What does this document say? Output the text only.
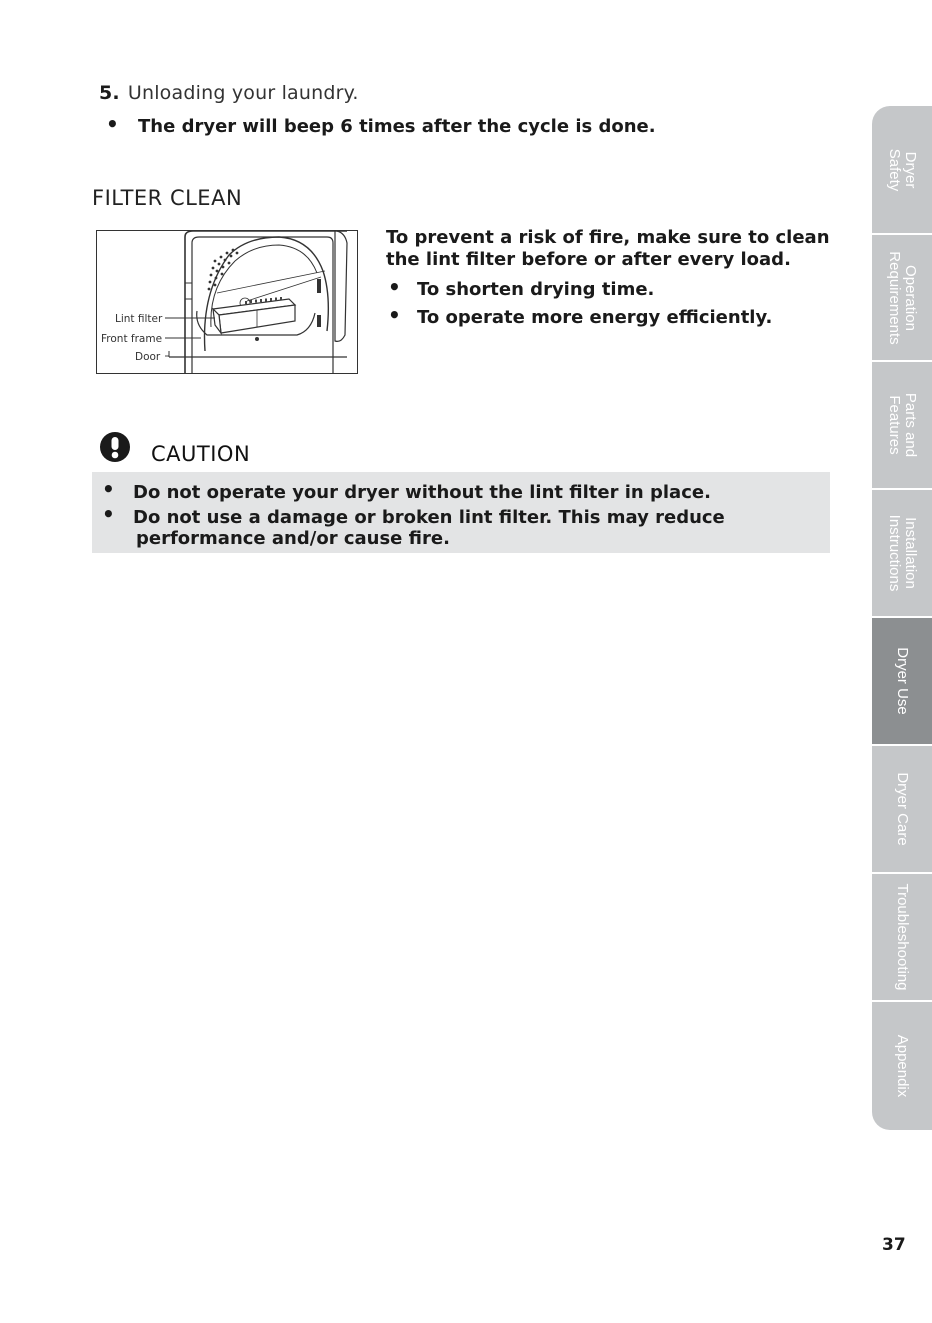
5. Unloading your laundry.
• The dryer will beep 6 times after the cycle is done.
FILTER CLEAN
Lint filter
Front frame
Door
To prevent a risk of fire, make sure to clean
the lint filter before or after every load.
• To shorten drying time.
• To operate more energy efficiently.
CAUTION
• Do not operate your dryer without the lint filter in place.
• Do not use a damage or broken lint filter. This may reduce
performance and/or cause fire.
Dryer
Safety
Operation
Requirements
Parts and
Features
Installation
Instructions
Dryer Use
Dryer Care
Troubleshooting
Appendix
37
